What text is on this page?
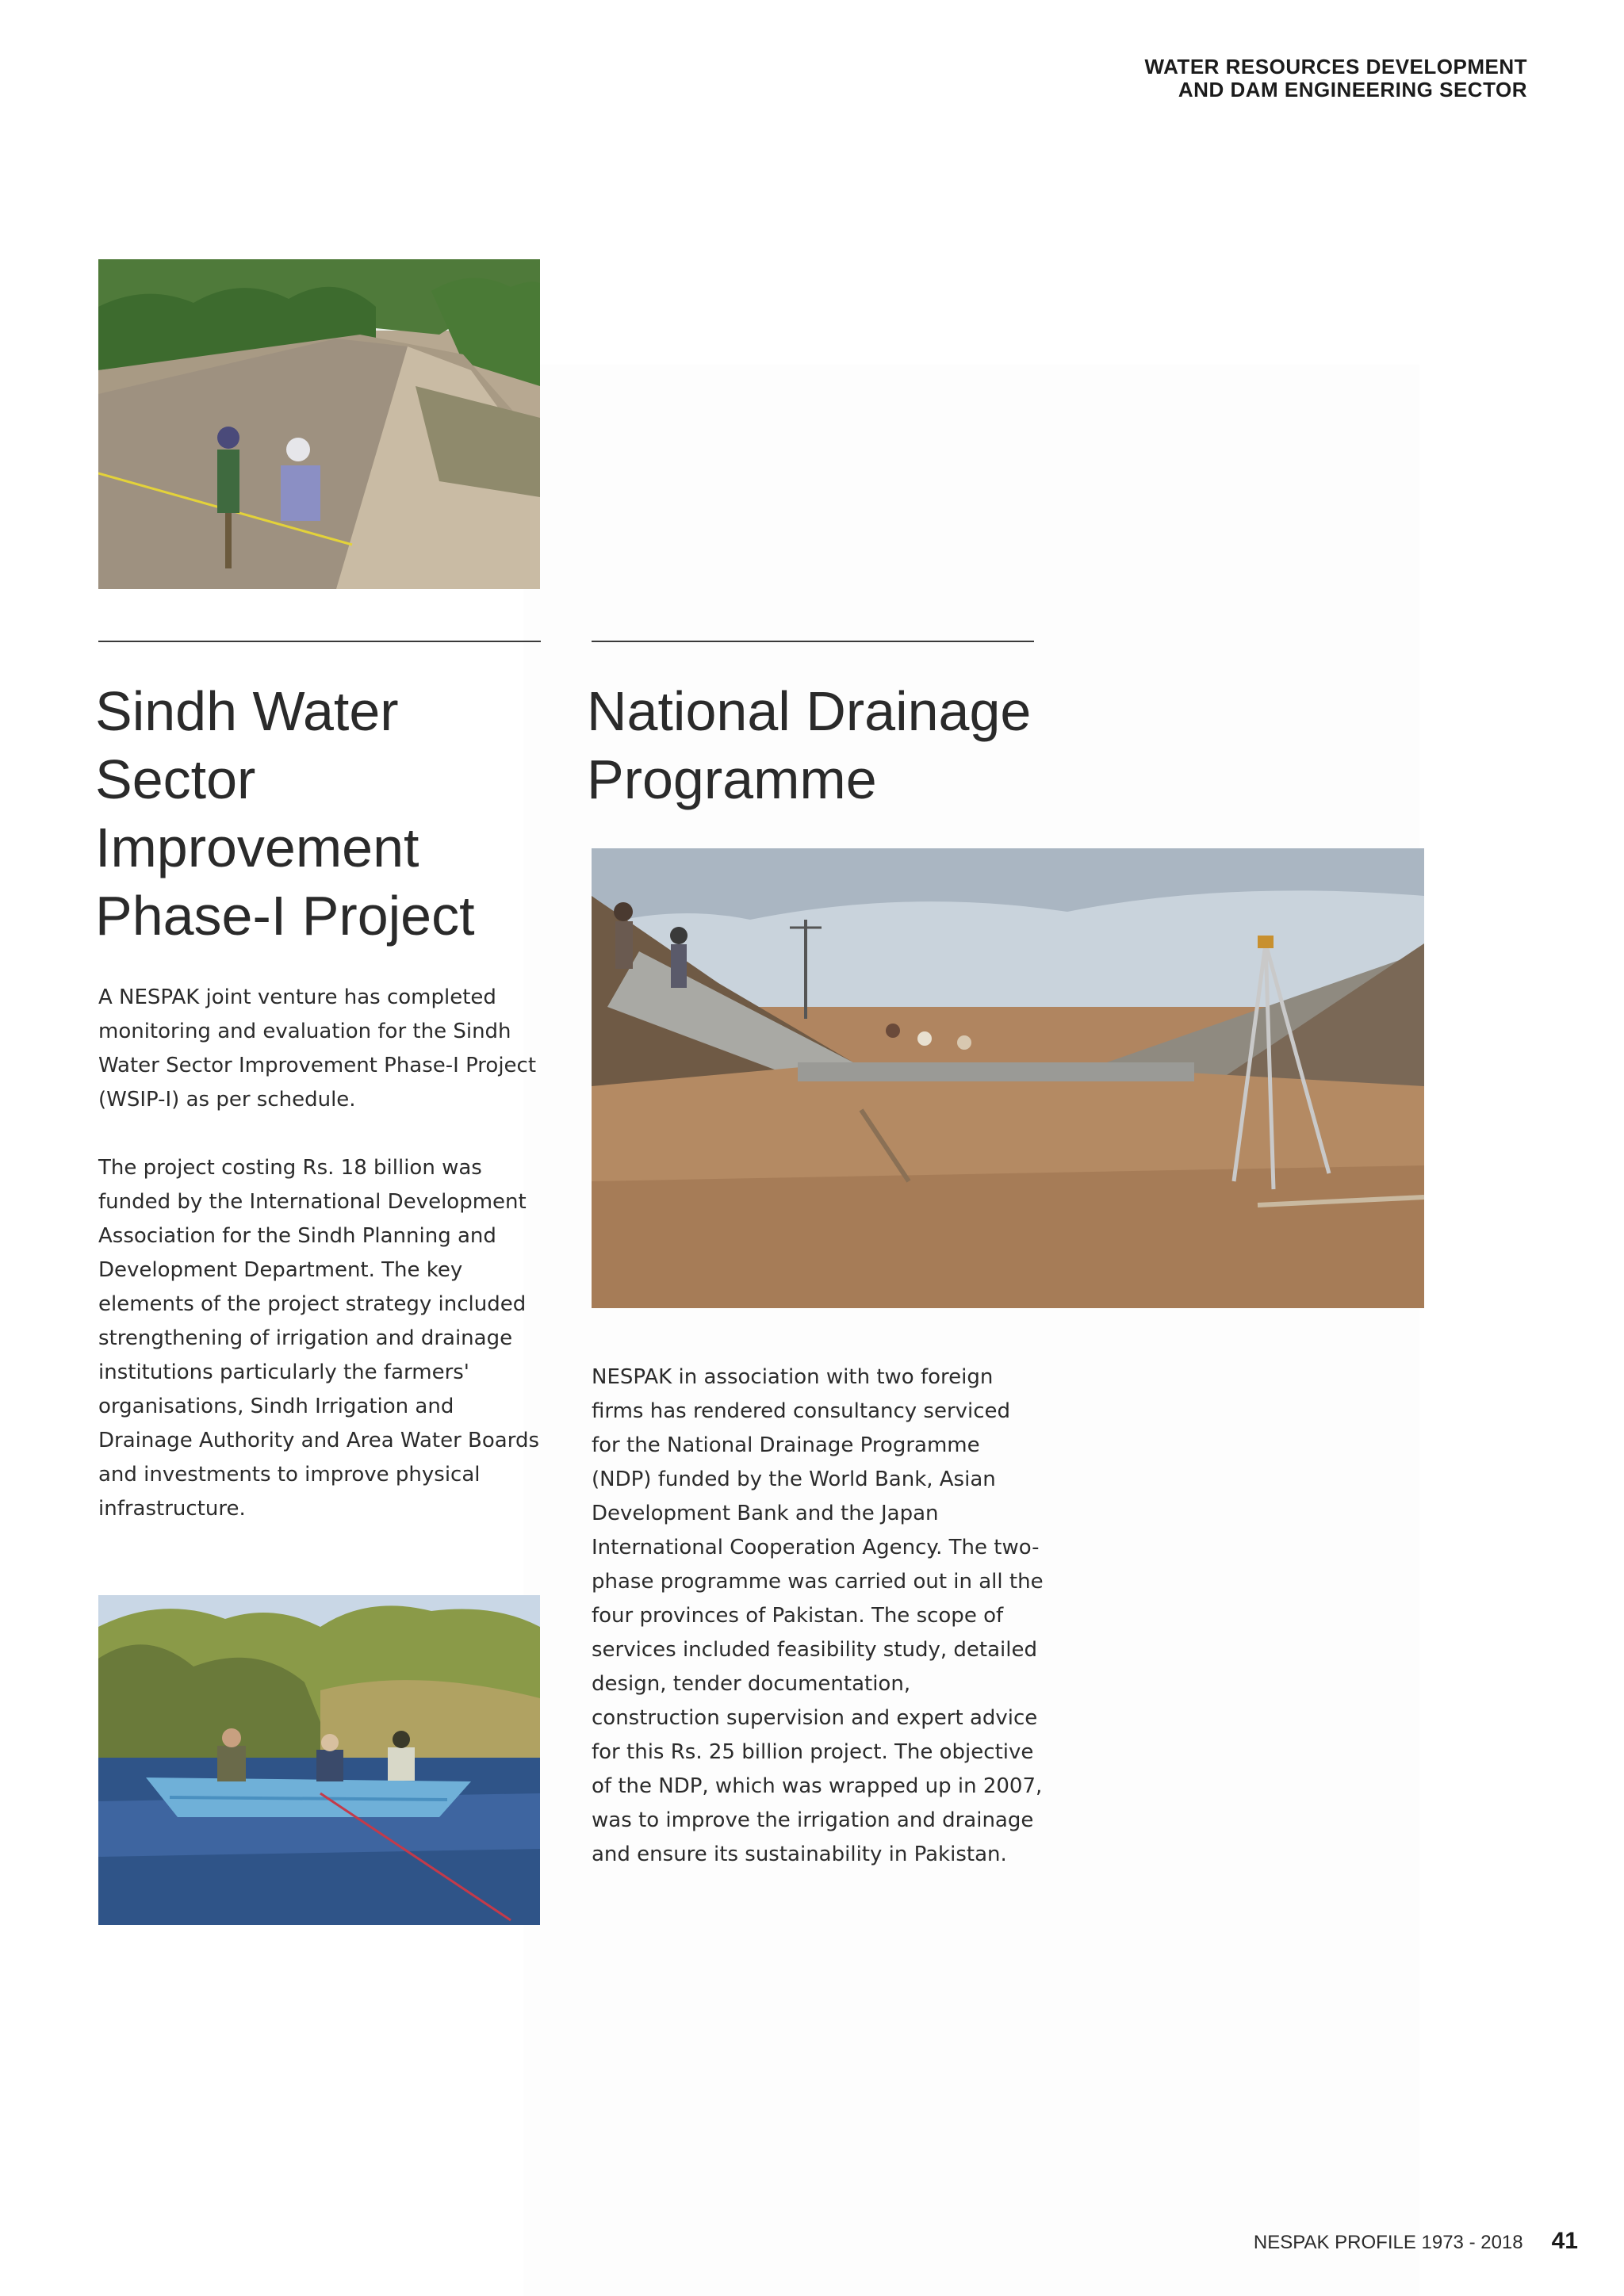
WATER RESOURCES DEVELOPMENT
AND DAM ENGINEERING SECTOR
Sindh Water
Sector
Improvement
Phase-I Project
National Drainage
Programme

A NESPAK joint venture has completed monitoring and evaluation for the Sindh Water Sector Improvement Phase-I Project (WSIP-I) as per schedule.

The project costing Rs. 18 billion was funded by the International Development Association for the Sindh Planning and Development Department. The key elements of the project strategy included strengthening of irrigation and drainage institutions particularly the farmers' organisations, Sindh Irrigation and Drainage Authority and Area Water Boards and investments to improve physical infrastructure.

NESPAK in association with two foreign firms has rendered consultancy serviced for the National Drainage Programme (NDP) funded by the World Bank, Asian Development Bank and the Japan International Cooperation Agency. The two-phase programme was carried out in all the four provinces of Pakistan. The scope of services included feasibility study, detailed design, tender documentation, construction supervision and expert advice for this Rs. 25 billion project. The objective of the NDP, which was wrapped up in 2007, was to improve the irrigation and drainage and ensure its sustainability in Pakistan.

NESPAK PROFILE 1973 - 2018 41
